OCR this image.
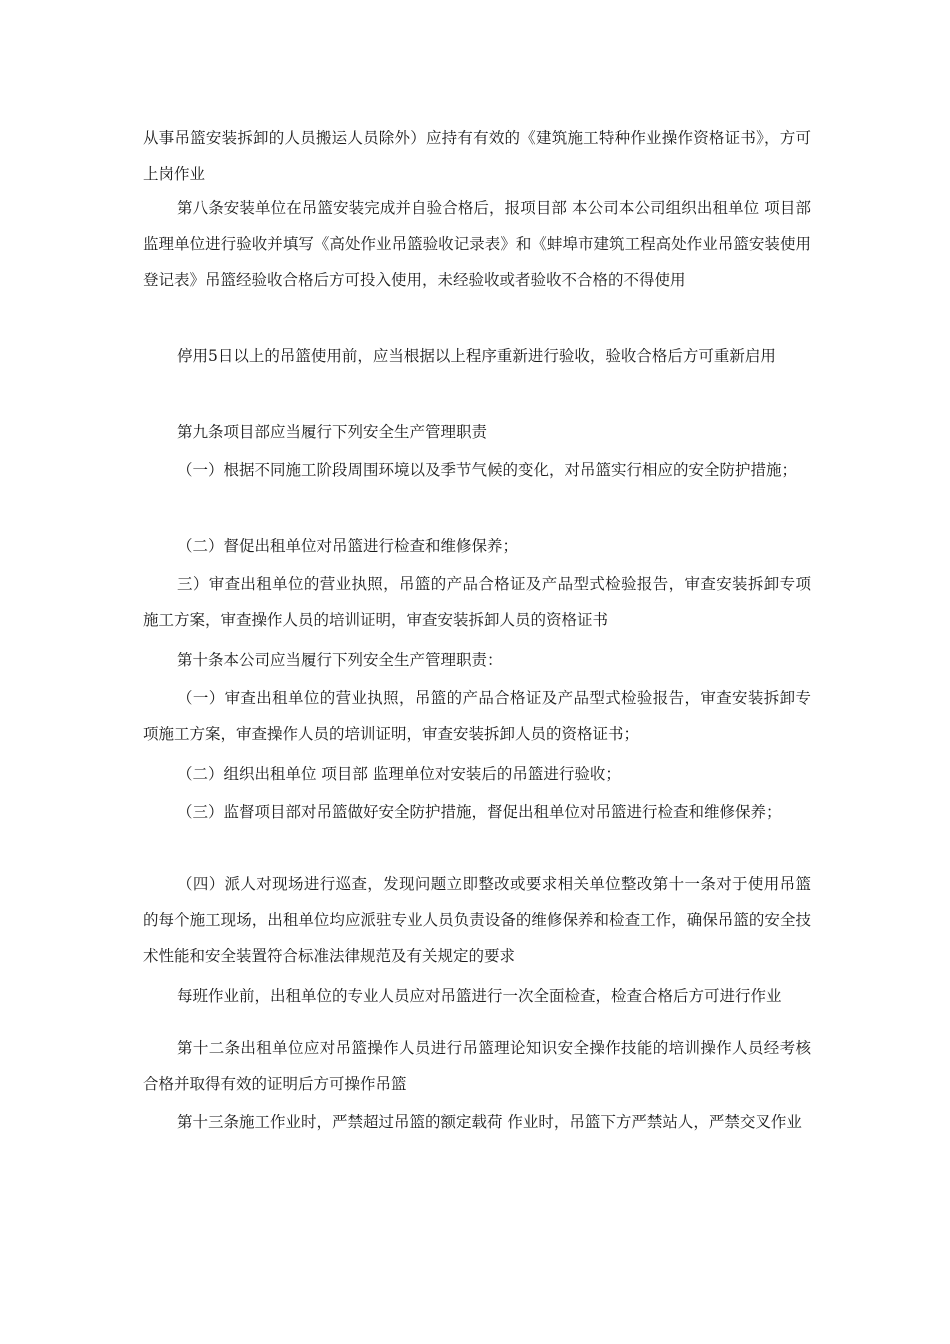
从事吊篮安装拆卸的人员搬运人员除外）应持有有效的《建筑施工特种作业操作资格证书》，方可上岗作业

第八条安装单位在吊篮安装完成并自验合格后，报项目部 本公司本公司组织出租单位 项目部 监理单位进行验收并填写《高处作业吊篮验收记录表》和《蚌埠市建筑工程高处作业吊篮安装使用登记表》吊篮经验收合格后方可投入使用，未经验收或者验收不合格的不得使用

停用5日以上的吊篮使用前，应当根据以上程序重新进行验收，验收合格后方可重新启用

第九条项目部应当履行下列安全生产管理职责

（一）根据不同施工阶段周围环境以及季节气候的变化，对吊篮实行相应的安全防护措施；

（二）督促出租单位对吊篮进行检查和维修保养；

三）审查出租单位的营业执照，吊篮的产品合格证及产品型式检验报告，审查安装拆卸专项施工方案，审查操作人员的培训证明，审查安装拆卸人员的资格证书

第十条本公司应当履行下列安全生产管理职责：

（一）审查出租单位的营业执照，吊篮的产品合格证及产品型式检验报告，审查安装拆卸专项施工方案，审查操作人员的培训证明，审查安装拆卸人员的资格证书；

（二）组织出租单位 项目部 监理单位对安装后的吊篮进行验收；

（三）监督项目部对吊篮做好安全防护措施，督促出租单位对吊篮进行检查和维修保养；

（四）派人对现场进行巡查，发现问题立即整改或要求相关单位整改第十一条对于使用吊篮的每个施工现场，出租单位均应派驻专业人员负责设备的维修保养和检查工作，确保吊篮的安全技术性能和安全装置符合标准法律规范及有关规定的要求

每班作业前，出租单位的专业人员应对吊篮进行一次全面检查，检查合格后方可进行作业

第十二条出租单位应对吊篮操作人员进行吊篮理论知识安全操作技能的培训操作人员经考核合格并取得有效的证明后方可操作吊篮

第十三条施工作业时，严禁超过吊篮的额定载荷 作业时，吊篮下方严禁站人，严禁交叉作业
